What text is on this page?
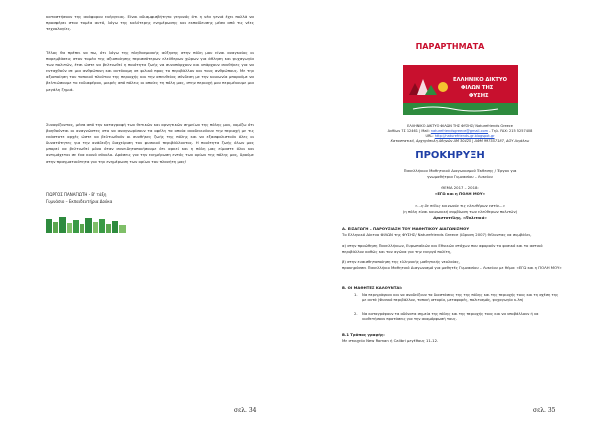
καταστήσουν της ανάφορου ενέργειας. Είναι αδιαμφισβήτητο γεγονός ότι η νέα γενιά έχει πολλά να προσφέρει στον τομέα αυτό, λόγω της καλύτερης ενημέρωσης και εκπαίδευσης μέσα από τις νέες τεχνολογίες.

Τέλος θα πρέπει να πω, ότι λόγω της πληθυσμιακής αύξησης στην πόλη μου είναι αναγκαίος οι παρεμβάσεις στον τομέα της αξιοποίησης περισσότερων ελεύθερων χώρων για άθληση και ψυχαγωγία των πολιτών, έτσι ώστε να βελτιωθεί η ποιότητα ζωής να συνυπάρχουν και υπάρχουν συνθήκες για να ενταχθούν σε μια ανθρώπινη και αυτόνομη σε φιλικό προς το περιβάλλον και τους ανθρώπους. Με την αξιοποίηση του τοπικού πλούτου της περιοχής και την απευθείας σύνδεση με την κοινωνία μπορούμε να βελτιώσουμε το ενδιαφέρον, μικρές από πόλεις οι οποίες τη πόλη μας, στην περιοχή μου περιμένουμε μια μεγάλη ζημιά.

Συνοψίζοντας, μέσα από την καταγραφή των θετικών και αρνητικών σημείων της πόλης μου, νομίζω ότι βοηθούνται οι αναγνώστες στο να αναγνωρίσουν τα οφέλη τα οποία αναδεικνύουν την περιοχή με τις εκάστοτε αρχές ώστε να βελτιωθούν οι συνθήκες ζωής της πόλης και να εξασφαλιστούν όλες οι δυνατότητες για την ανάδειξη διαχείριση του φυσικού περιβάλλοντος. Η ποιότητα ζωής όλων μας μπορεί να βελτιωθεί μόνο όταν συνειδητοποιήσουμε ότι αρκεί και η πόλη μας είμαστε όλοι και αντιμάχεται σε ένα κοινό σύνολο. Δράσεις για την ενημέρωση εντός των ορίων της πόλης μας, δρούμε στην πραγματικότητα για την ενημέρωση των ορίων του πλανήτη μας!

ΓΙΩΡΓΟΣ ΠΑΝΑΓΙΩΤΗ - Β' τάξη
Γυμνάσιο – Εκπαιδευτήρια Δούκα
σελ. 34
ΠΑΡΑΡΤΗΜΑΤΑ
ΕΛΛΗΝΙΚΟ ΔΙΚΤΥΟ
ΦΙΛΩΝ ΤΗΣ
ΦΥΣΗΣ
ΕΛΛΗΝΙΚΟ ΔΙΚΤΥΟ ΦΙΛΩΝ ΤΗΣ ΦΥΣΗΣ/ Naturefriends Greece
Ανθίων 7Σ 12461 | Mail: naturefriendsgreece@gmail.com - Τηλ. FAX: 215 5257408
URL: http://naturefriends-gr.blogspot.gr
Καταστατικό, Αρχηγόπολη Αθηνών ΑΜ 30425 | ΑΦΜ 997557187, ΔΟΥ Αιγάλεω
ΠΡΟΚΗΡΥΞΗ
Πανελλήνιου Μαθητικού Διαγωνισμού Έκθεσης / Έργου για
γνωμαθήτρια Γυμνασίου – Λυκείου
ΘΕΜΑ 2017 – 2018:
«ΕΓΩ και η ΠΟΛΗ ΜΟΥ»
«...η δε πόλις κοινωνία τις ελευθέρων εστίν...»
(η πόλη είναι κοινωνική συμβίωση των ελεύθερων πολιτών)
Αριστοτέλης, «Πολιτικά»
Α. ΕΙΣΑΓΩΓΗ – ΠΑΡΟΥΣΙΑΣΗ ΤΟΥ ΜΑΘΗΤΙΚΟΥ ΔΙΑΓΩΝΙΣΜΟΥ
Το Ελληνικό Δίκτυο ΦΙΛΩΝ της ΦΥΣΗΣ/ Naturefriends Greece (ίδρυση 2007) θέλοντας να συμβάλει,
α) στην προώθηση Πανελλήνιων, Ευρωπαϊκών και Εθνικών στόχων που αφορούν το φυσικό και το αστικό περιβάλλον καθώς και τον αγώνα για την ενεργό πολίτη,
β) στην ευαισθητοποίηση της ελληνικής μαθητικής νεολαίας,
προκηρύσσει Πανελλήνιο Μαθητικό Διαγωνισμό για μαθητές Γυμνασίου – Λυκείου με θέμα: «ΕΓΩ και η ΠΟΛΗ ΜΟΥ»
Β. ΟΙ ΜΑΘΗΤΕΣ ΚΑΛΟΥΝΤΑΙ:
1. Να περιγράψουν και να αναδείξουν τα διαστάσεις της της πόλης και της περιοχής τους και τη σχέση της με αυτά (Φυσικό περιβάλλον, τοπική ιστορία, μεταφορές, πολιτισμός, ψυχαγωγία κ.λπ)
2. Να καταγράψουν τα αδύνατα σημεία της πόλης και της περιοχής τους και να υποβάλλουν ή να υιοθετήσουν προτάσεις για την αναμόρφωσή τους.
Β.1 Τρόπος γραφής:
Με στοιχεία New Roman ή Calibri μεγέθους 11-12.
σελ. 35
